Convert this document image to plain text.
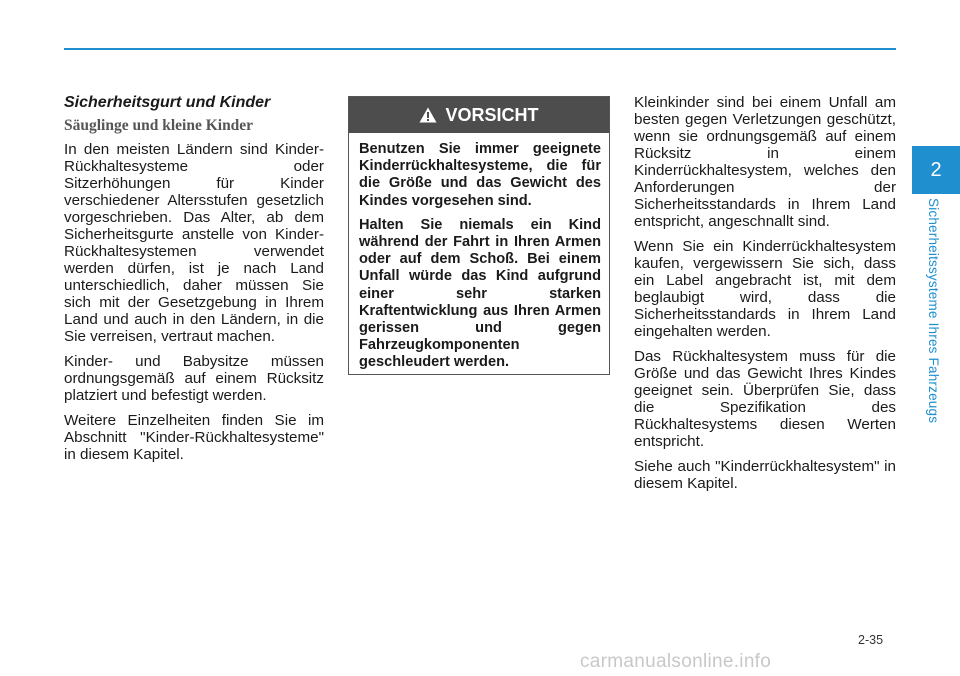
Sicherheitsgurt und Kinder
Säuglinge und kleine Kinder

In den meisten Ländern sind Kinder-Rückhaltesysteme oder Sitzerhöhungen für Kinder verschiedener Altersstufen gesetzlich vorgeschrieben. Das Alter, ab dem Sicherheitsgurte anstelle von Kinder-Rückhaltesystemen verwendet werden dürfen, ist je nach Land unterschiedlich, daher müssen Sie sich mit der Gesetzgebung in Ihrem Land und auch in den Ländern, in die Sie verreisen, vertraut machen.

Kinder- und Babysitze müssen ordnungsgemäß auf einem Rücksitz platziert und befestigt werden.

Weitere Einzelheiten finden Sie im Abschnitt "Kinder-Rückhaltesysteme" in diesem Kapitel.

VORSICHT

Benutzen Sie immer geeignete Kinderrückhaltesysteme, die für die Größe und das Gewicht des Kindes vorgesehen sind.

Halten Sie niemals ein Kind während der Fahrt in Ihren Armen oder auf dem Schoß. Bei einem Unfall würde das Kind aufgrund einer sehr starken Kraftentwicklung aus Ihren Armen gerissen und gegen Fahrzeugkomponenten geschleudert werden.

Kleinkinder sind bei einem Unfall am besten gegen Verletzungen geschützt, wenn sie ordnungsgemäß auf einem Rücksitz in einem Kinderrückhaltesystem, welches den Anforderungen der Sicherheitsstandards in Ihrem Land entspricht, angeschnallt sind.

Wenn Sie ein Kinderrückhaltesystem kaufen, vergewissern Sie sich, dass ein Label angebracht ist, mit dem beglaubigt wird, dass die Sicherheitsstandards in Ihrem Land eingehalten werden.

Das Rückhaltesystem muss für die Größe und das Gewicht Ihres Kindes geeignet sein. Überprüfen Sie, dass die Spezifikation des Rückhaltesystems diesen Werten entspricht.

Siehe auch "Kinderrückhaltesystem" in diesem Kapitel.

2
Sicherheitssysteme Ihres Fahrzeugs
2-35
carmanualsonline.info
